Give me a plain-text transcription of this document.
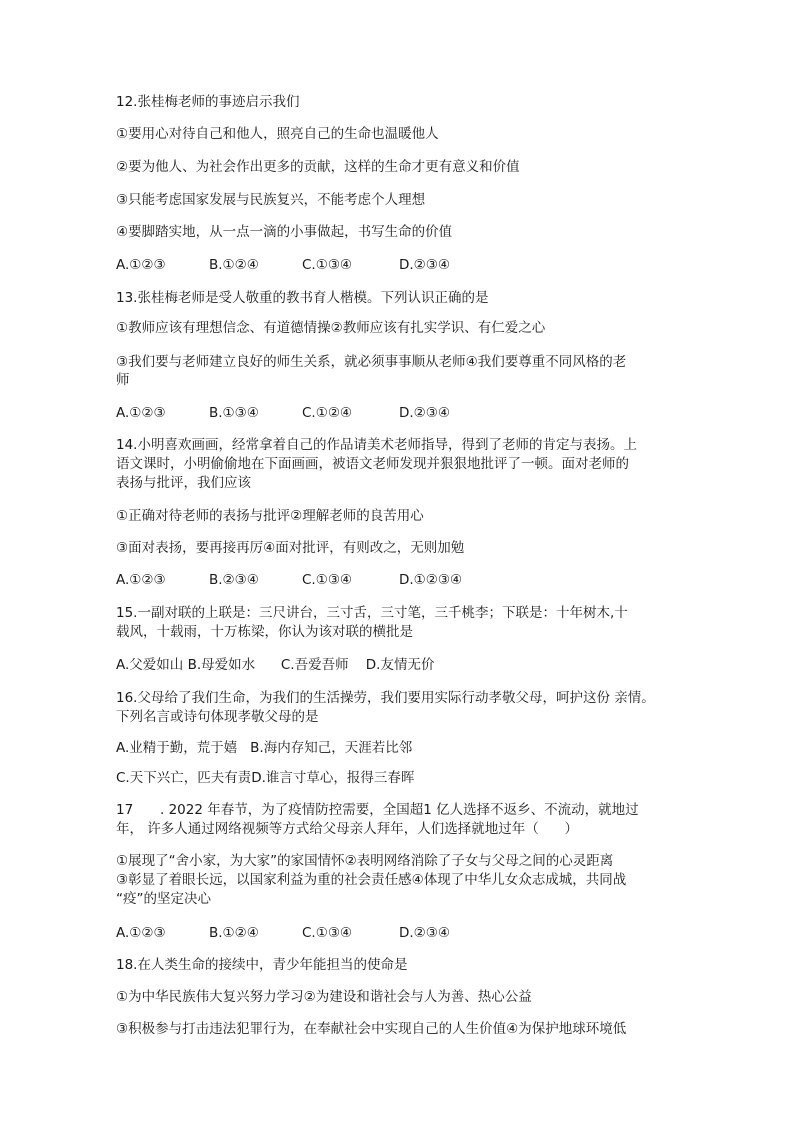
12.张桂梅老师的事迹启示我们
①要用心对待自己和他人，照亮自己的生命也温暖他人
②要为他人、为社会作出更多的贡献，这样的生命才更有意义和价值
③只能考虑国家发展与民族复兴，不能考虑个人理想
④要脚踏实地，从一点一滴的小事做起，书写生命的价值
A.①②③	B.①②④	C.①③④	D.②③④
13.张桂梅老师是受人敬重的教书育人楷模。下列认识正确的是
①教师应该有理想信念、有道德情操②教师应该有扎实学识、有仁爱之心
③我们要与老师建立良好的师生关系，就必须事事顺从老师④我们要尊重不同风格的老
师
A.①②③	B.①③④	C.①②④	D.②③④
14.小明喜欢画画，经常拿着自己的作品请美术老师指导，得到了老师的肯定与表扬。上
语文课时，小明偷偷地在下面画画，被语文老师发现并狠狠地批评了一顿。面对老师的
表扬与批评，我们应该
①正确对待老师的表扬与批评②理解老师的良苦用心
③面对表扬，要再接再厉④面对批评，有则改之，无则加勉
A.①②③	B.②③④	C.①③④	D.①②③④
15.一副对联的上联是：三尺讲台，三寸舌，三寸笔，三千桃李；下联是：十年树木,十
载风，十载雨，十万栋梁，你认为该对联的横批是
A.父爱如山 B.母爱如水      C.吾爱吾师    D.友情无价
16.父母给了我们生命，为我们的生活操劳，我们要用实际行动孝敬父母，呵护这份 亲情。
下列名言或诗句体现孝敬父母的是
A.业精于勤，荒于嬉   B.海内存知己，天涯若比邻
C.天下兴亡，匹夫有责D.谁言寸草心，报得三春晖
17 . 2022 年春节，为了疫情防控需要，全国超1 亿人选择不返乡、不流动，就地过
年， 许多人通过网络视频等方式给父母亲人拜年，人们选择就地过年（      ）
①展现了“舍小家，为大家”的家国情怀②表明网络消除了子女与父母之间的心灵距离
③彰显了着眼长远，以国家利益为重的社会责任感④体现了中华儿女众志成城，共同战
“疫”的坚定决心
A.①②③	B.①②④	C.①③④	D.②③④
18.在人类生命的接续中，青少年能担当的使命是
①为中华民族伟大复兴努力学习②为建设和谐社会与人为善、热心公益
③积极参与打击违法犯罪行为，在奉献社会中实现自己的人生价值④为保护地球环境低
